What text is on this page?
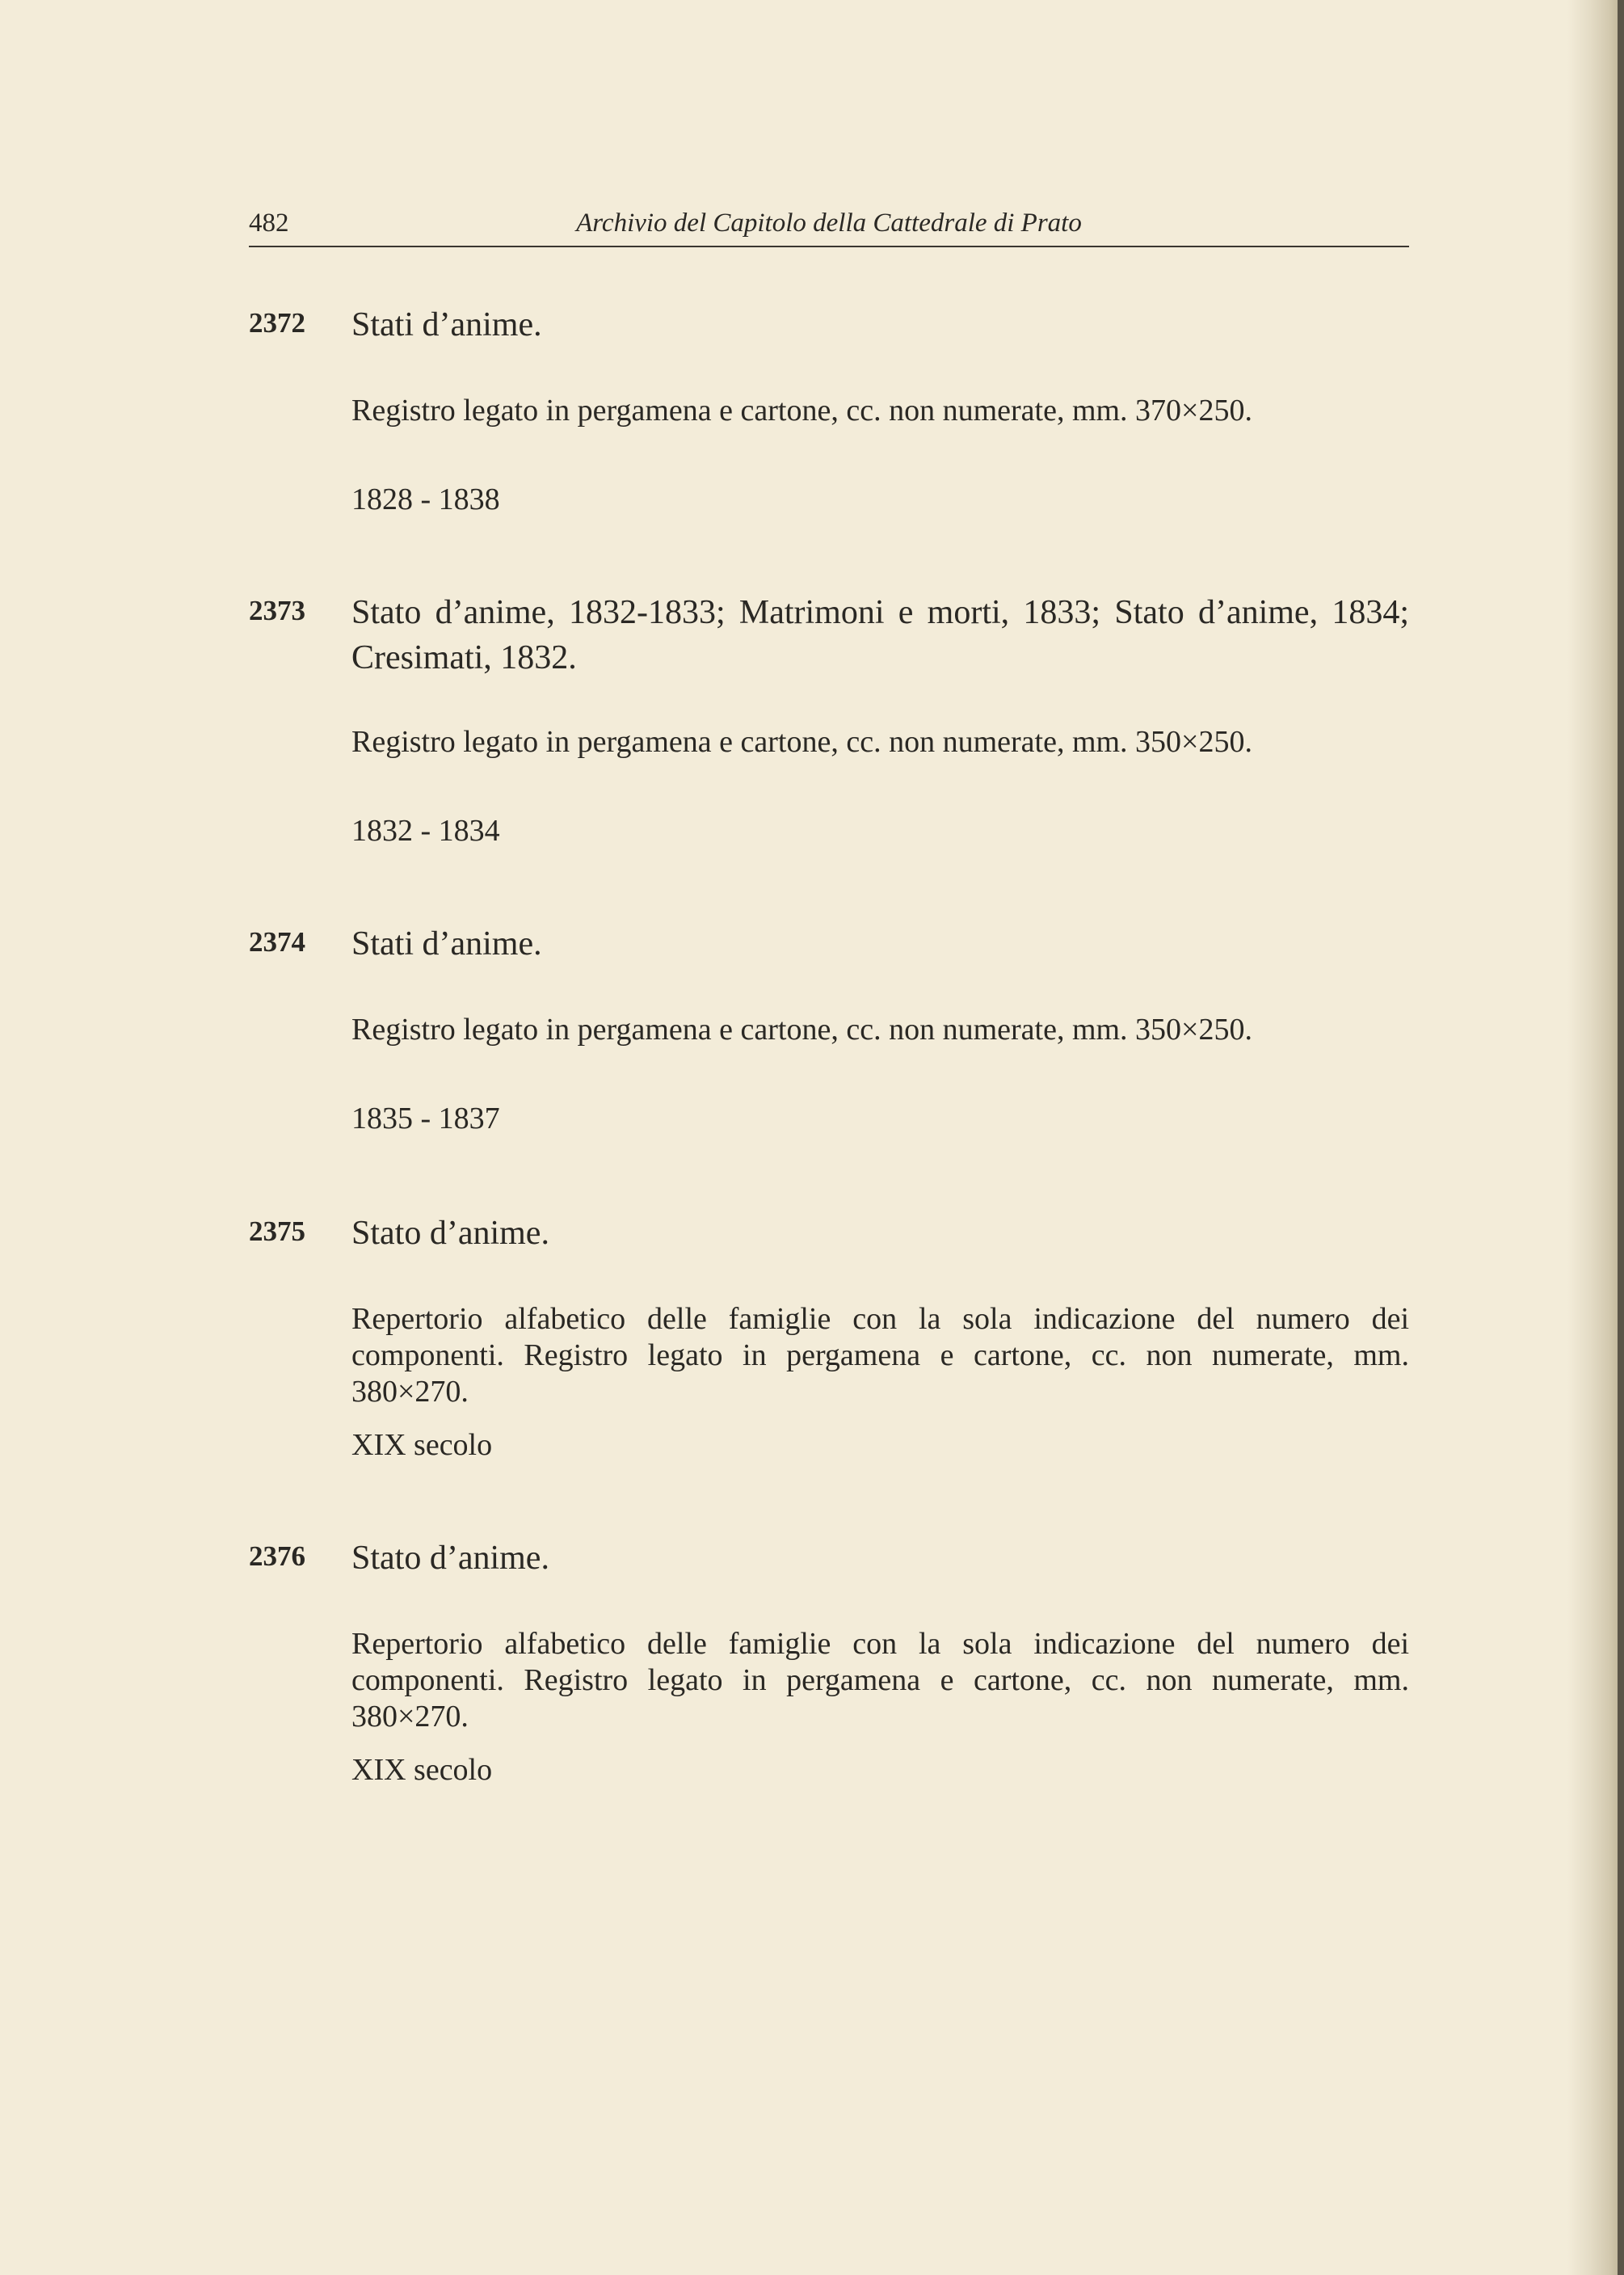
482	Archivio del Capitolo della Cattedrale di Prato
2372 Stati d’anime.
Registro legato in pergamena e cartone, cc. non numerate, mm. 370×250.
1828 - 1838
2373 Stato d’anime, 1832-1833; Matrimoni e morti, 1833; Stato d’anime, 1834; Cresimati, 1832.
Registro legato in pergamena e cartone, cc. non numerate, mm. 350×250.
1832 - 1834
2374 Stati d’anime.
Registro legato in pergamena e cartone, cc. non numerate, mm. 350×250.
1835 - 1837
2375 Stato d’anime.
Repertorio alfabetico delle famiglie con la sola indicazione del numero dei componenti. Registro legato in pergamena e cartone, cc. non numerate, mm. 380×270.
XIX secolo
2376 Stato d’anime.
Repertorio alfabetico delle famiglie con la sola indicazione del numero dei componenti. Registro legato in pergamena e cartone, cc. non numerate, mm. 380×270.
XIX secolo
